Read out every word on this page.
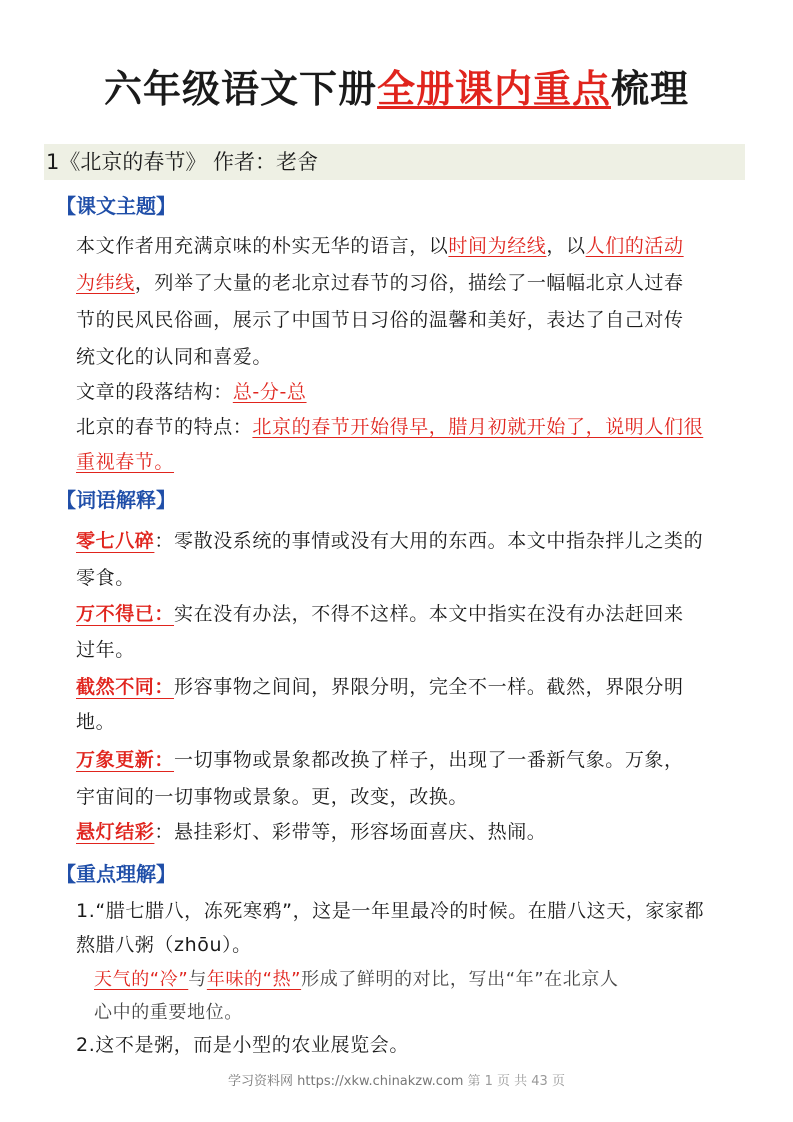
六年级语文下册全册课内重点梳理
1《北京的春节》 作者：老舍
【课文主题】
本文作者用充满京味的朴实无华的语言，以时间为经线，以人们的活动
为纬线，列举了大量的老北京过春节的习俗，描绘了一幅幅北京人过春
节的民风民俗画，展示了中国节日习俗的温馨和美好，表达了自己对传
统文化的认同和喜爱。
文章的段落结构：总-分-总
北京的春节的特点：北京的春节开始得早，腊月初就开始了，说明人们很
重视春节。
【词语解释】
零七八碎：零散没系统的事情或没有大用的东西。本文中指杂拌儿之类的
零食。
万不得已：实在没有办法，不得不这样。本文中指实在没有办法赶回来
过年。
截然不同：形容事物之间间，界限分明，完全不一样。截然，界限分明
地。
万象更新：一切事物或景象都改换了样子，出现了一番新气象。万象，
宇宙间的一切事物或景象。更，改变，改换。
悬灯结彩：悬挂彩灯、彩带等，形容场面喜庆、热闹。
【重点理解】
1.“腊七腊八，冻死寒鸦”，这是一年里最冷的时候。在腊八这天，家家都
熬腊八粥（zhōu）。
天气的“冷”与年味的“热”形成了鲜明的对比，写出“年”在北京人
心中的重要地位。
2.这不是粥，而是小型的农业展览会。
学习资料网 https://xkw.chinakzw.com 第 1 页 共 43 页
